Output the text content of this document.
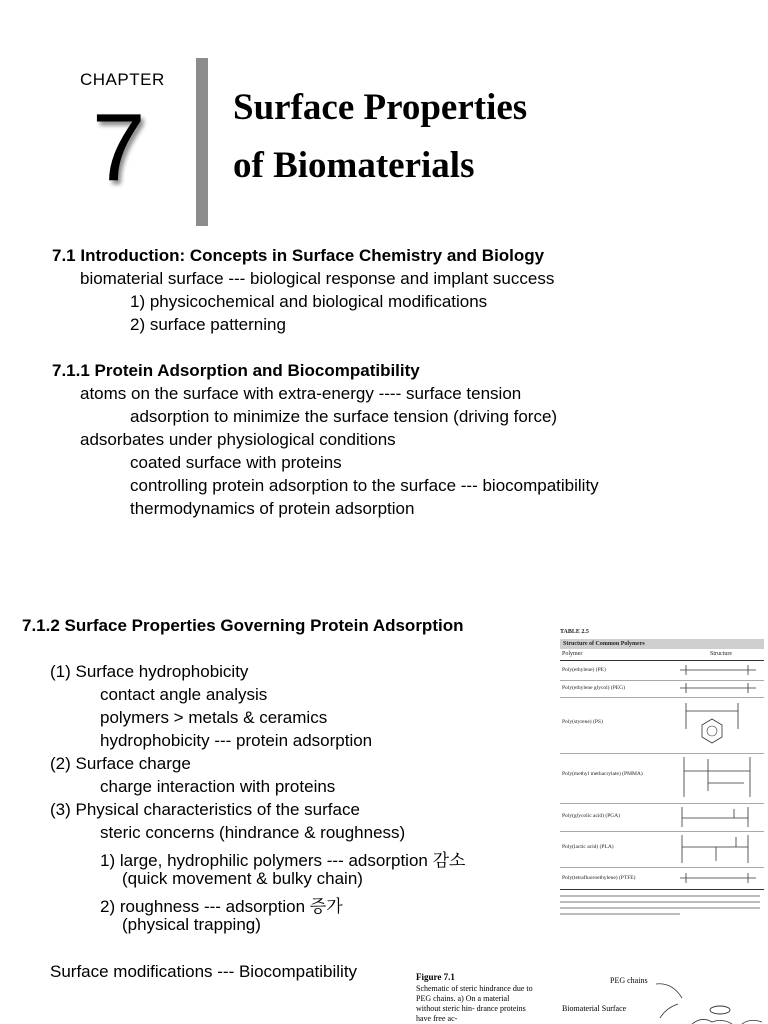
CHAPTER
7 Surface Properties
of Biomaterials
7.1 Introduction: Concepts in Surface Chemistry and Biology
biomaterial surface --- biological response and implant success
1) physicochemical and biological modifications
2) surface patterning
7.1.1 Protein Adsorption and Biocompatibility
atoms on the surface with extra-energy ---- surface tension
adsorption to minimize the surface tension (driving force)
adsorbates under physiological conditions
coated surface with proteins
controlling protein adsorption to the surface --- biocompatibility
thermodynamics of protein adsorption
7.1.2 Surface Properties Governing Protein Adsorption
(1) Surface hydrophobicity
contact angle analysis
polymers > metals & ceramics
hydrophobicity --- protein adsorption
(2) Surface charge
charge interaction with proteins
(3) Physical characteristics of the surface
steric concerns (hindrance & roughness)
1) large, hydrophilic polymers --- adsorption 감소
(quick movement & bulky chain)
2) roughness --- adsorption 증가
(physical trapping)
Surface modifications --- Biocompatibility
TABLE 2.5
Structure of Common Polymers
Polymer	Structure
Poly(ethylene) (PE)
Poly(ethylene glycol) (PEG)
Poly(styrene) (PS)
Poly(methyl methacrylate) (PMMA)
Poly(glycolic acid) (PGA)
Poly(lactic acid) (PLA)
Poly(tetrafluoroethylene) (PTFE)
Figure 7.1
Schematic of steric hindrance due to PEG chains. a) On a material without steric hin- drance proteins have free ac-
PEG chains
Biomaterial Surface
